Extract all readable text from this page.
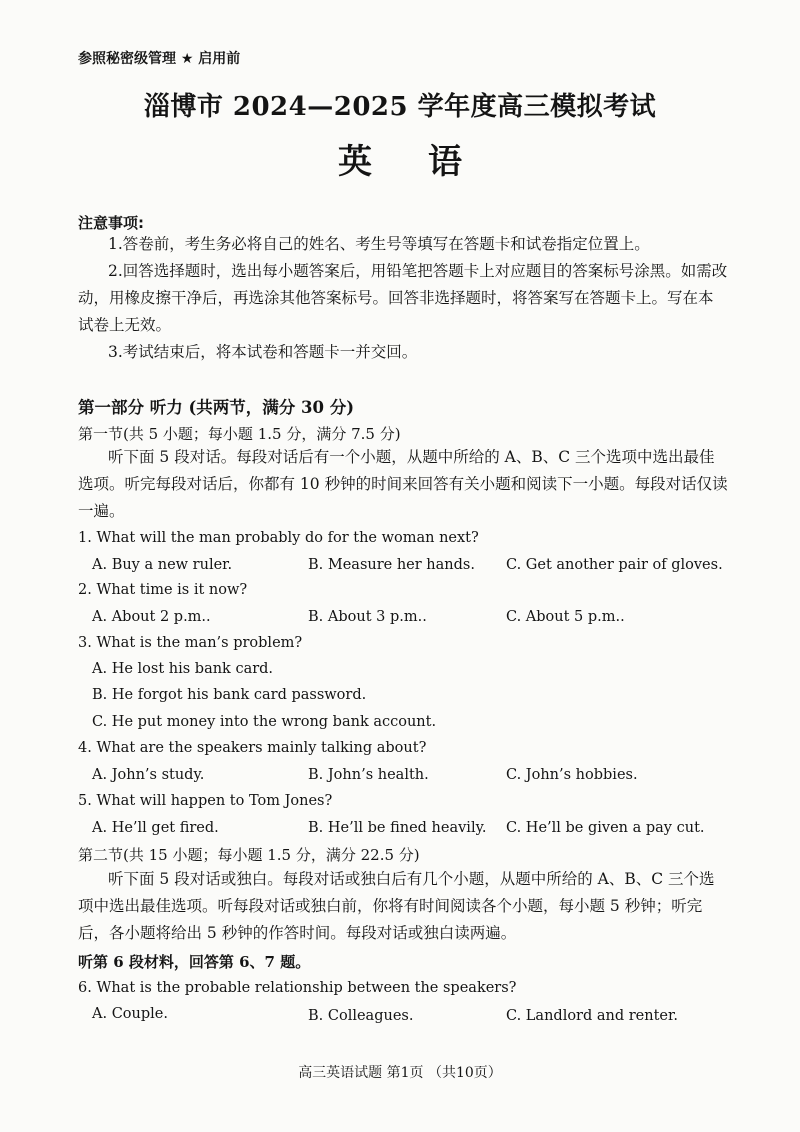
参照秘密级管理 ★ 启用前
淄博市 2024—2025 学年度高三模拟考试
英 语
注意事项:
1.答卷前，考生务必将自己的姓名、考生号等填写在答题卡和试卷指定位置上。
2.回答选择题时，选出每小题答案后，用铅笔把答题卡上对应题目的答案标号涂黑。如需改动，用橡皮擦干净后，再选涂其他答案标号。回答非选择题时，将答案写在答题卡上。写在本试卷上无效。
3.考试结束后，将本试卷和答题卡一并交回。
第一部分 听力 (共两节，满分 30 分)
第一节(共 5 小题；每小题 1.5 分，满分 7.5 分)
听下面 5 段对话。每段对话后有一个小题，从题中所给的 A、B、C 三个选项中选出最佳选项。听完每段对话后，你都有 10 秒钟的时间来回答有关小题和阅读下一小题。每段对话仅读一遍。
1. What will the man probably do for the woman next?
A. Buy a new ruler.	B. Measure her hands. C. Get another pair of gloves.
2. What time is it now?
A. About 2 p.m..	B. About 3 p.m..	C. About 5 p.m..
3. What is the man’s problem?
A. He lost his bank card.
B. He forgot his bank card password.
C. He put money into the wrong bank account.
4. What are the speakers mainly talking about?
A. John’s study.	B. John’s health.	C. John’s hobbies.
5. What will happen to Tom Jones?
A. He’ll get fired.	B. He’ll be fined heavily. C. He’ll be given a pay cut.
第二节(共 15 小题；每小题 1.5 分，满分 22.5 分)
听下面 5 段对话或独白。每段对话或独白后有几个小题，从题中所给的 A、B、C 三个选项中选出最佳选项。听每段对话或独白前，你将有时间阅读各个小题，每小题 5 秒钟；听完后，各小题将给出 5 秒钟的作答时间。每段对话或独白读两遍。
听第 6 段材料，回答第 6、7 题。
6. What is the probable relationship between the speakers?
A. Couple.	B. Colleagues.	C. Landlord and renter.
高三英语试题 第1页 （共10页）
